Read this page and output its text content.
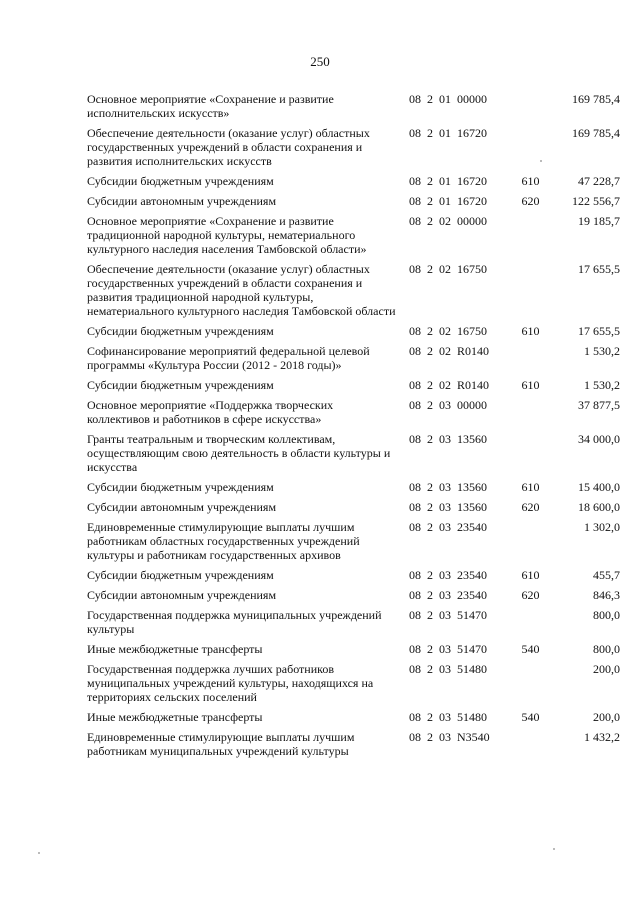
250
Основное мероприятие «Сохранение и развитие исполнительских искусств»	08  2  01  00000		169 785,4
Обеспечение деятельности (оказание услуг) областных государственных учреждений в области сохранения и развития исполнительских искусств	08  2  01  16720		169 785,4
Субсидии бюджетным учреждениям	08  2  01  16720	610	47 228,7
Субсидии автономным учреждениям	08  2  01  16720	620	122 556,7
Основное мероприятие «Сохранение и развитие традиционной народной культуры, нематериального культурного наследия населения Тамбовской области»	08  2  02  00000		19 185,7
Обеспечение деятельности (оказание услуг) областных государственных учреждений в области сохранения и развития традиционной народной культуры, нематериального культурного наследия Тамбовской области	08  2  02  16750		17 655,5
Субсидии бюджетным учреждениям	08  2  02  16750	610	17 655,5
Софинансирование мероприятий федеральной целевой программы «Культура России (2012 - 2018 годы)»	08  2  02  R0140		1 530,2
Субсидии бюджетным учреждениям	08  2  02  R0140	610	1 530,2
Основное мероприятие «Поддержка творческих коллективов и работников в сфере искусства»	08  2  03  00000		37 877,5
Гранты театральным и творческим коллективам, осуществляющим свою деятельность в области культуры и искусства	08  2  03  13560		34 000,0
Субсидии бюджетным учреждениям	08  2  03  13560	610	15 400,0
Субсидии автономным учреждениям	08  2  03  13560	620	18 600,0
Единовременные стимулирующие выплаты лучшим работникам областных государственных учреждений культуры и работникам государственных архивов	08  2  03  23540		1 302,0
Субсидии бюджетным учреждениям	08  2  03  23540	610	455,7
Субсидии автономным учреждениям	08  2  03  23540	620	846,3
Государственная поддержка муниципальных учреждений культуры	08  2  03  51470		800,0
Иные межбюджетные трансферты	08  2  03  51470	540	800,0
Государственная поддержка лучших работников муниципальных учреждений культуры, находящихся на территориях сельских поселений	08  2  03  51480		200,0
Иные межбюджетные трансферты	08  2  03  51480	540	200,0
Единовременные стимулирующие выплаты лучшим работникам муниципальных учреждений культуры	08  2  03  N3540		1 432,2
